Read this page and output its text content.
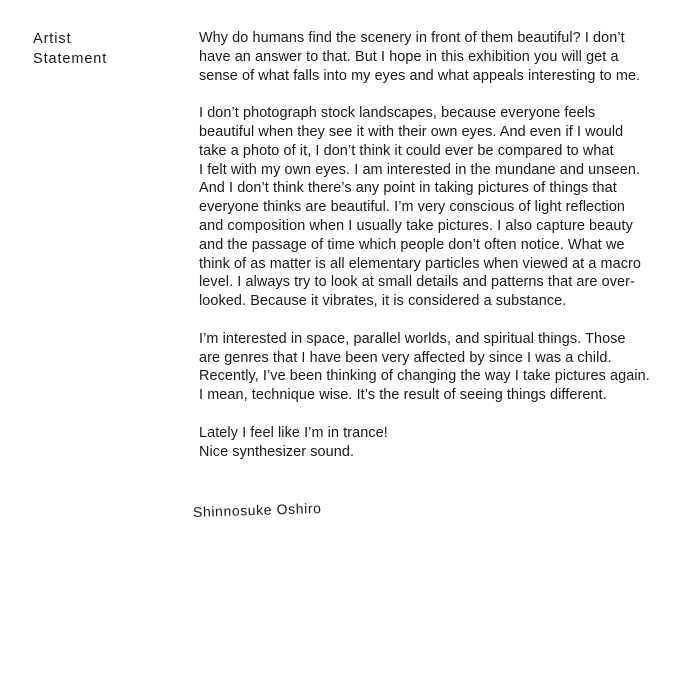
Artist
Statement

Why do humans find the scenery in front of them beautiful? I don’t
have an answer to that. But I hope in this exhibition you will get a
sense of what falls into my eyes and what appeals interesting to me.

I don’t photograph stock landscapes, because everyone feels
beautiful when they see it with their own eyes. And even if I would
take a photo of it, I don’t think it could ever be compared to what
I felt with my own eyes. I am interested in the mundane and unseen.
And I don’t think there’s any point in taking pictures of things that
everyone thinks are beautiful. I’m very conscious of light reflection
and composition when I usually take pictures. I also capture beauty
and the passage of time which people don’t often notice. What we
think of as matter is all elementary particles when viewed at a macro
level. I always try to look at small details and patterns that are over-
looked. Because it vibrates, it is considered a substance.

I’m interested in space, parallel worlds, and spiritual things. Those
are genres that I have been very affected by since I was a child.
Recently, I’ve been thinking of changing the way I take pictures again.
I mean, technique wise. It’s the result of seeing things different.

Lately I feel like I’m in trance!
Nice synthesizer sound.

Shinnosuke Oshiro
